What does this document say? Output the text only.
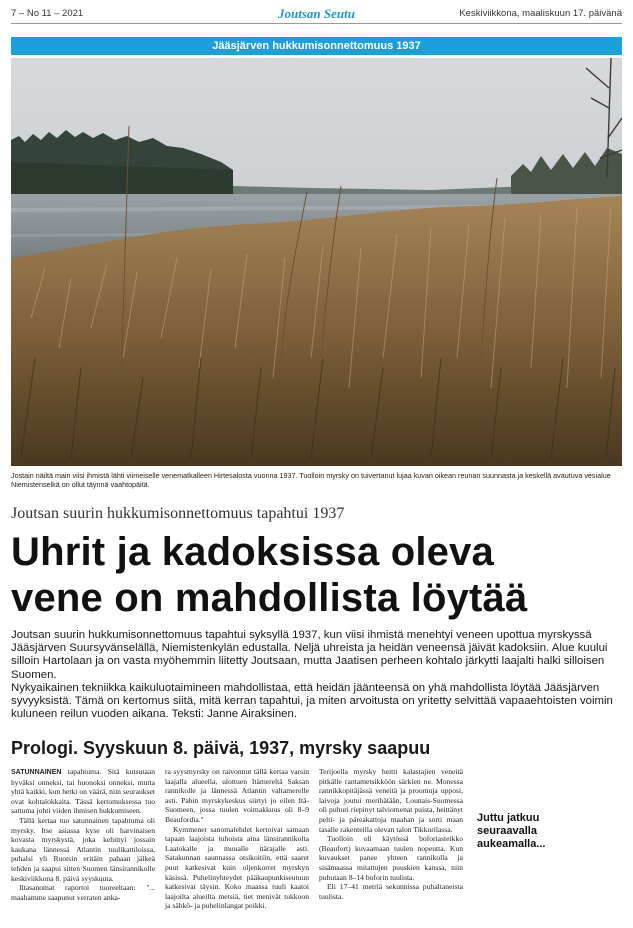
7 – No 11 – 2021	Joutsan Seutu	Keskiviikkona, maaliskuun 17. päivänä
Jääsjärven hukkumisonnettomuus 1937
Jostain näiltä main viisi ihmistä lähti viimeiselle venematkalleen Hirtesalosta vuonna 1937. Tuolloin myrsky on tuivertanut lujaa kuvan oikean reunan suunnasta ja keskellä avautuva vesialue Niemistenselkä on ollut täynnä vaahtopäitä.
Joutsan suurin hukkumisonnettomuus tapahtui 1937
Uhrit ja kadoksissa oleva
vene on mahdollista löytää

Joutsan suurin hukkumisonnettomuus tapahtui syksyllä 1937, kun viisi ihmistä menehtyi veneen upottua myrskyssä Jääsjärven Suursyvänselällä, Niemistenkylän edustalla. Neljä uhreista ja heidän veneensä jäivät kadoksiin. Alue kuului silloin Hartolaan ja on vasta myöhemmin liitetty Joutsaan, mutta Jaatisen perheen kohtalo järkytti laajalti halki silloisen Suomen.

Nykyaikainen tekniikka kaikuluotaimineen mahdollistaa, että heidän jäänteensä on yhä mahdollista löytää Jääsjärven syvyyksistä. Tämä on kertomus siitä, mitä kerran tapahtui, ja miten arvoitusta on yritetty selvittää vapaaehtoisten voimin kuluneen reilun vuoden aikana. Teksti: Janne Airaksinen.

Prologi. Syyskuun 8. päivä, 1937, myrsky saapuu

SATUNNAINEN tapahtuma. Sitä kutsutaan hyväksi onneksi, tai huonoksi onneksi, mutta yhtä kaikki, kun hetki on väärä, niin seuraukset ovat kohtalokkaita. Tässä kertomuksessa tuo sattuma johti viiden ihmisen hukkumiseen.

Tällä kertaa tuo satunnainen tapahtuma oli myrsky. Itse asiassa kyse oli harvinaisen kovasta myrskystä, joka kehittyi jossain kaukana lännessä Atlantin tuulikattiloissa, puhalsi yli Ruotsin eritäin pahaan jälkeä tehden ja saapui sitten Suomen länsirannikolle keskiviikkona 8. päivä syyskuuta.

Iltasanomat raportoi tuoreeltaan: "... maahamme saapunut verraten anka-

ra syysmyrsky on raivonnut tällä kertaa varsin laajalla alueella, ulottuen Itämereltä Saksan rannikolle ja lännessä Atlantin valtamerelle asti. Pahin myrskykeskus siirtyi jo eilen Itä-Suomeen, jossa tuulen voimakkuus oli 8–9 Beaufordia."

Kymmenet sanomalehdet kertoivat samaan tapaan laajoista tuhoista aina länsirannikolta Laatokalle ja muualle itärajalle asti. Satakunnan saunnassa otsikoitiin, että saaret puut katkesivat kuin oljenkorret myrskyn käsissä. Puhelinyhteydet pääkaupunkiseutuun katkesivat täysin. Koko maassa tuuli kaatoi laajoilta alueilta metsiä, tiet menivät tukkoon ja sähkö- ja puhelinlangat poikki.

Terijoella myrsky heitti kalastajien veneitä pitkälle rantametsikköön särkien ne. Monessa rannikkopitäjässä veneitä ja proomuja upposi, laivoja joutui merihätään, Lounais-Suomessa oli puhuri riepinyt talviomenat puista, heittänyt pelti- ja päreakattoja maahan ja sorti maan tasalle rakenteilla olevan talon Tikkurilassa.

Tuolloin oli käytössä boforiasteikko (Beaufort) kuvaamaan tuulen nopeutta. Kun kuvaukset panee yhteen rannikolla ja sisämaassa mitattujen puuskien kanssa, niin puhutaan 8–14 boforin tuulista.

Eli 17–41 metriä sekunnissa puhaltaneista tuulista.

Juttu jatkuu seuraavalla aukeamalla...
